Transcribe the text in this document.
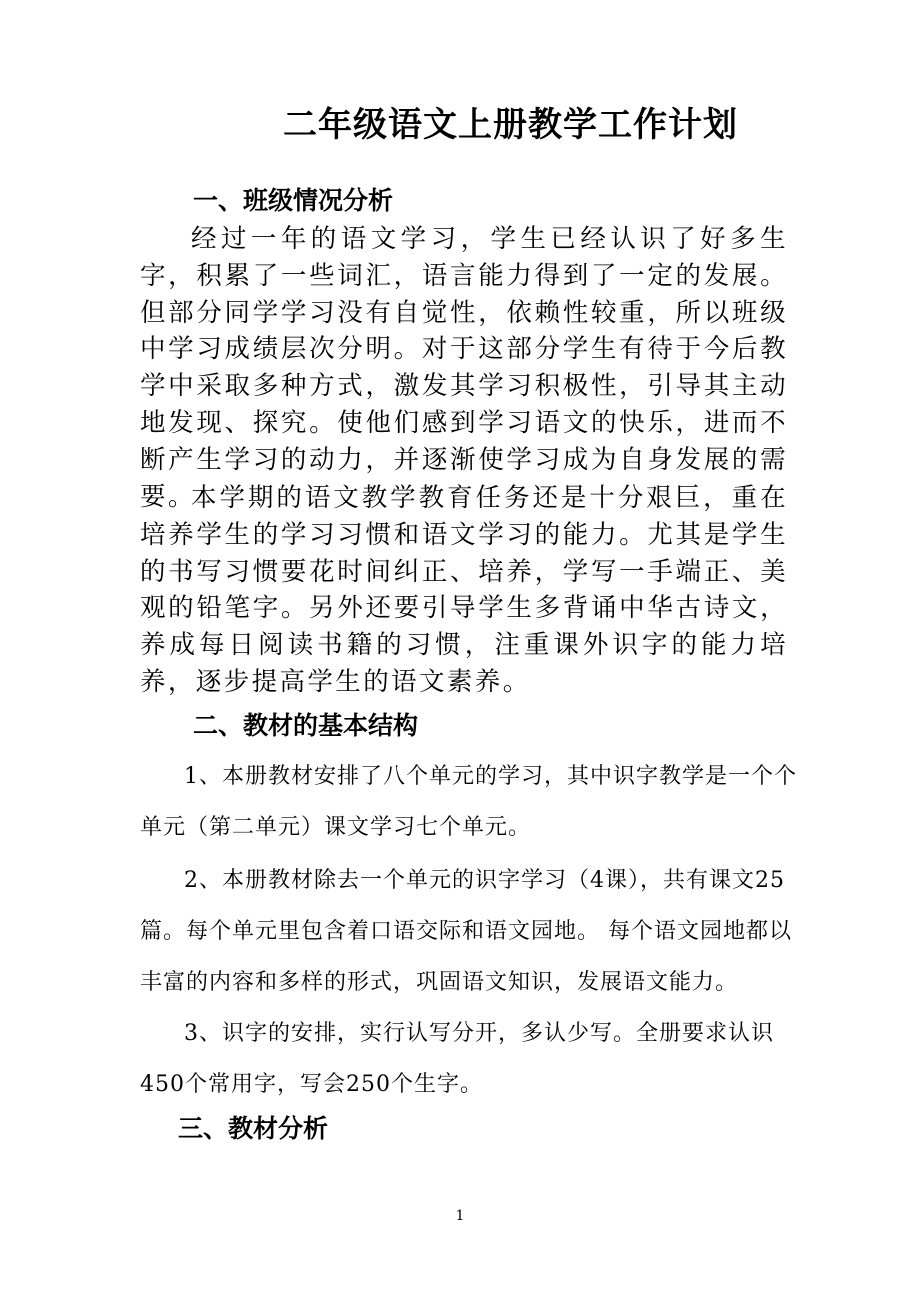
二年级语文上册教学工作计划
一、班级情况分析
经过一年的语文学习，学生已经认识了好多生字，积累了一些词汇，语言能力得到了一定的发展。但部分同学学习没有自觉性，依赖性较重，所以班级中学习成绩层次分明。对于这部分学生有待于今后教学中采取多种方式，激发其学习积极性，引导其主动地发现、探究。使他们感到学习语文的快乐，进而不断产生学习的动力，并逐渐使学习成为自身发展的需要。
本学期的语文教学教育任务还是十分艰巨，重在培养学生的学习习惯和语文学习的能力。尤其是学生的书写习惯要花时间纠正、培养，学写一手端正、美观的铅笔字。另外还要引导学生多背诵中华古诗文，养成每日阅读书籍的习惯，注重课外识字的能力培养，逐步提高学生的语文素养。
二、教材的基本结构
1、本册教材安排了八个单元的学习，其中识字教学是一个个单元（第二单元）课文学习七个单元。
2、本册教材除去一个单元的识字学习（4课），共有课文25篇。每个单元里包含着口语交际和语文园地。 每个语文园地都以丰富的内容和多样的形式，巩固语文知识，发展语文能力。
3、识字的安排，实行认写分开，多认少写。全册要求认识450个常用字，写会250个生字。
三、教材分析
1
